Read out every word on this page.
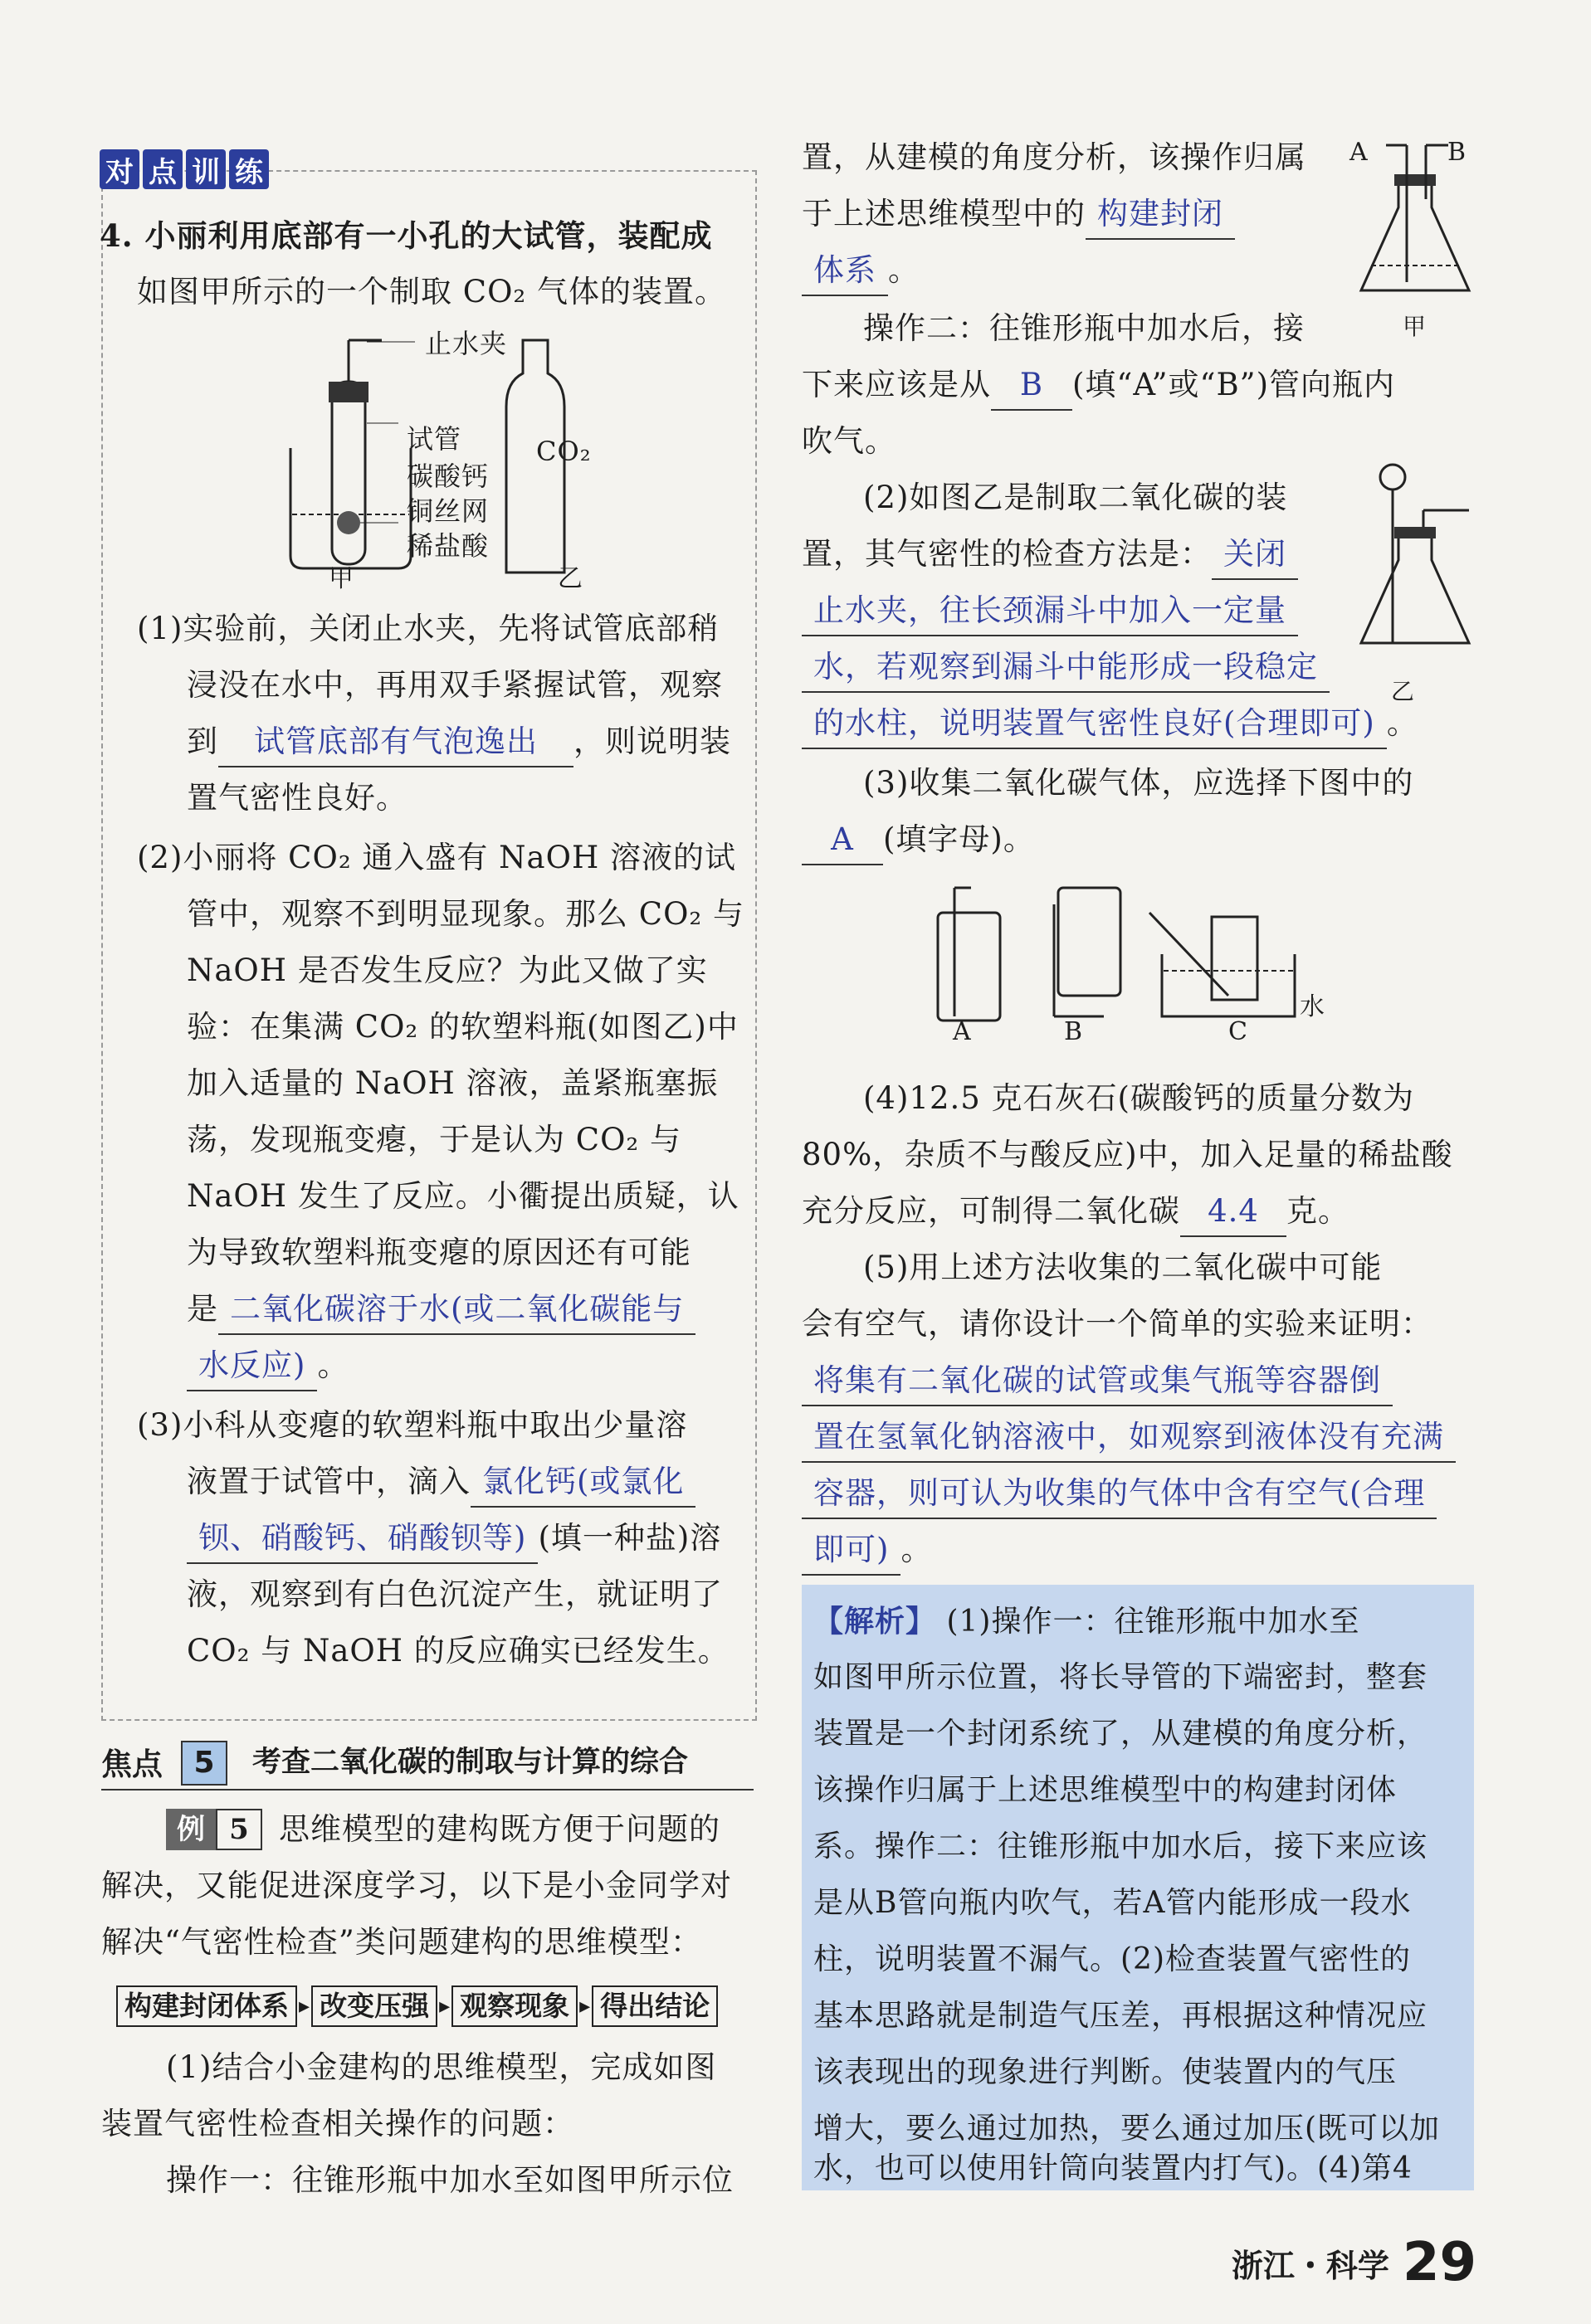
对 点 训 练
4. 小丽利用底部有一小孔的大试管，装配成
如图甲所示的一个制取 CO₂ 气体的装置。
止水夹
试管
碳酸钙
铜丝网
稀盐酸
甲	乙
CO₂
(1)实验前，关闭止水夹，先将试管底部稍
浸没在水中，再用双手紧握试管，观察
到 试管底部有气泡逸出 ，则说明装
置气密性良好。
(2)小丽将 CO₂ 通入盛有 NaOH 溶液的试
管中，观察不到明显现象。那么 CO₂ 与
NaOH 是否发生反应？为此又做了实
验：在集满 CO₂ 的软塑料瓶(如图乙)中
加入适量的 NaOH 溶液，盖紧瓶塞振
荡，发现瓶变瘪，于是认为 CO₂ 与
NaOH 发生了反应。小衢提出质疑，认
为导致软塑料瓶变瘪的原因还有可能
是 二氧化碳溶于水(或二氧化碳能与
水反应) 。
(3)小科从变瘪的软塑料瓶中取出少量溶
液置于试管中，滴入 氯化钙(或氯化
钡、硝酸钙、硝酸钡等) (填一种盐)溶
液，观察到有白色沉淀产生，就证明了
CO₂ 与 NaOH 的反应确实已经发生。
焦点	5	考查二氧化碳的制取与计算的综合
例 5 思维模型的建构既方便于问题的
解决，又能促进深度学习，以下是小金同学对
解决“气密性检查”类问题建构的思维模型：
构建封闭体系 ▸ 改变压强 ▸ 观察现象 ▸ 得出结论
(1)结合小金建构的思维模型，完成如图
装置气密性检查相关操作的问题：
操作一：往锥形瓶中加水至如图甲所示位
置，从建模的角度分析，该操作归属
于上述思维模型中的 构建封闭
体系 。
A	B
甲
操作二：往锥形瓶中加水后，接
下来应该是从 B (填“A”或“B”)管向瓶内
吹气。
(2)如图乙是制取二氧化碳的装
置，其气密性的检查方法是： 关闭
止水夹，往长颈漏斗中加入一定量
水，若观察到漏斗中能形成一段稳定
的水柱，说明装置气密性良好(合理即可) 。
乙
(3)收集二氧化碳气体，应选择下图中的
A (填字母)。
A	B	C
水
(4)12.5 克石灰石(碳酸钙的质量分数为
80%，杂质不与酸反应)中，加入足量的稀盐酸
充分反应，可制得二氧化碳 4.4 克。
(5)用上述方法收集的二氧化碳中可能
会有空气，请你设计一个简单的实验来证明：
将集有二氧化碳的试管或集气瓶等容器倒
置在氢氧化钠溶液中，如观察到液体没有充满
容器，则可认为收集的气体中含有空气(合理
即可) 。
【解析】 (1)操作一：往锥形瓶中加水至
如图甲所示位置，将长导管的下端密封，整套
装置是一个封闭系统了，从建模的角度分析，
该操作归属于上述思维模型中的构建封闭体
系。操作二：往锥形瓶中加水后，接下来应该
是从B管向瓶内吹气，若A管内能形成一段水
柱，说明装置不漏气。(2)检查装置气密性的
基本思路就是制造气压差，再根据这种情况应
该表现出的现象进行判断。使装置内的气压
增大，要么通过加热，要么通过加压(既可以加
水，也可以使用针筒向装置内打气)。(4)第4
浙江・科学 29
